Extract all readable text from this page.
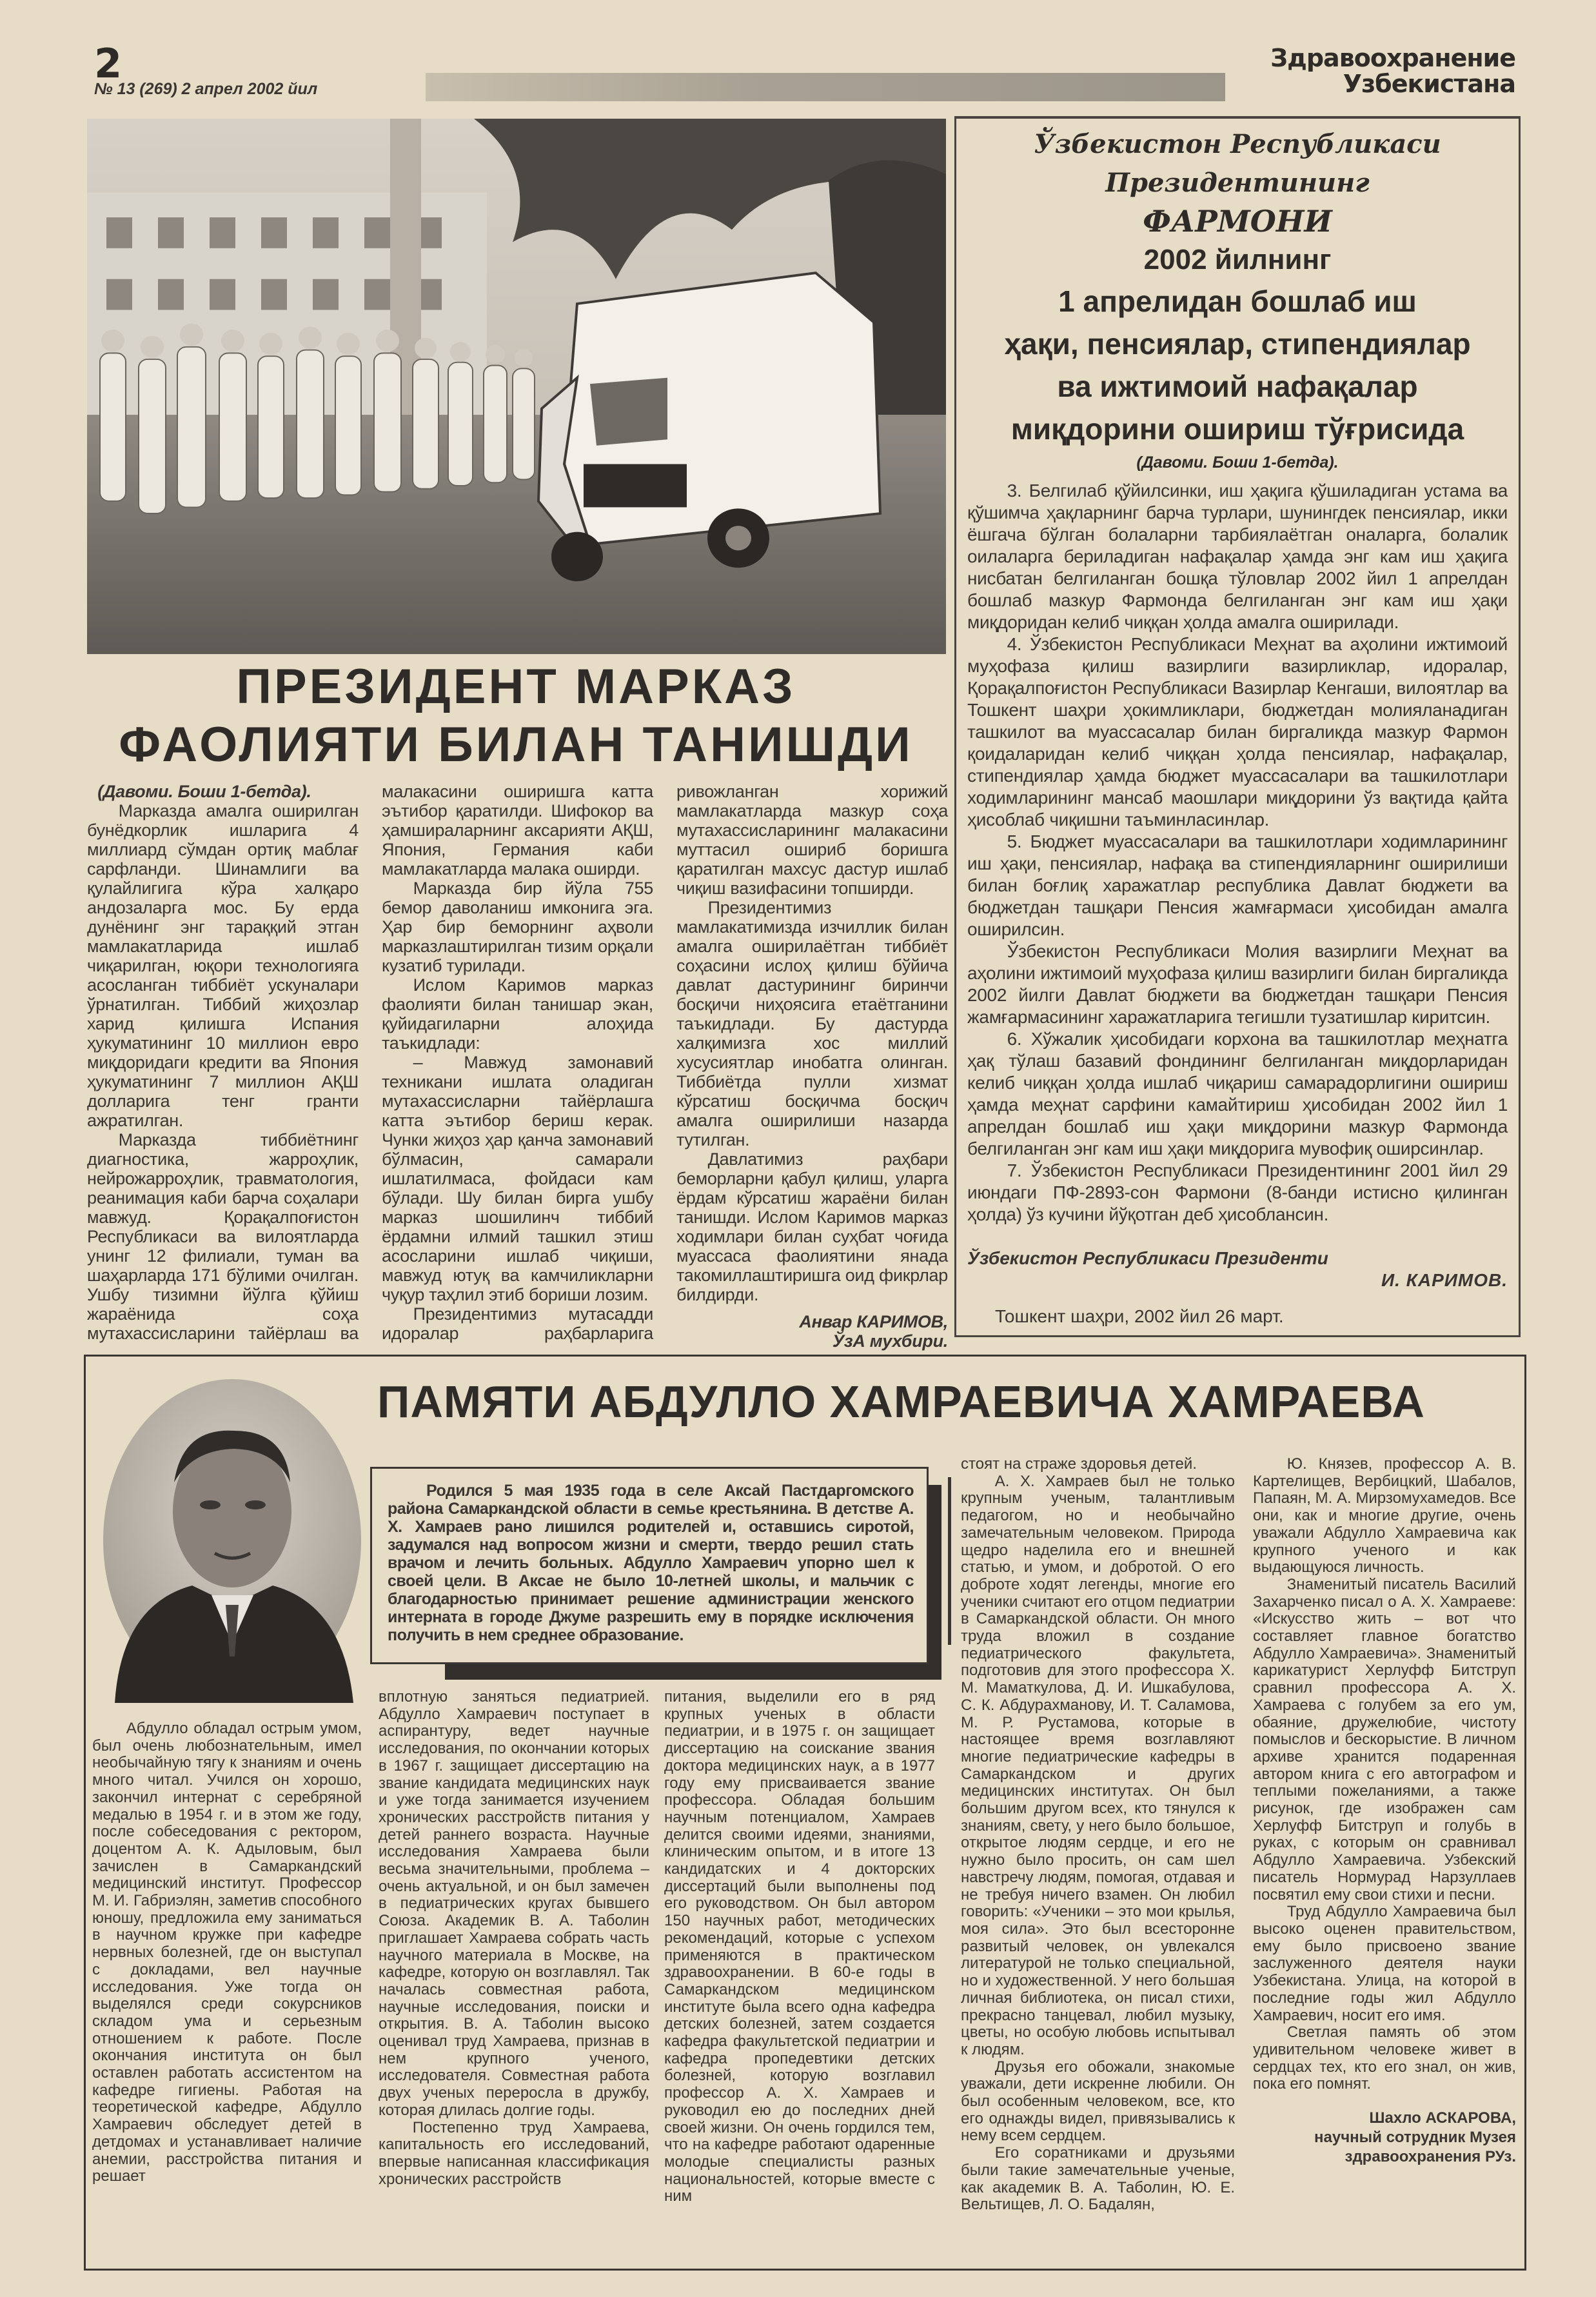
2
№ 13 (269) 2 апрел 2002 йил
Здравоохранение
Узбекистана
ПРЕЗИДЕНТ МАРКАЗ
ФАОЛИЯТИ БИЛАН ТАНИШДИ

(Давоми. Боши 1-бетда).

Марказда амалга оширилган бунёдкорлик ишларига 4 миллиард сўмдан ортиқ маблағ сарфланди. Шинамлиги ва қулайлигига кўра халқаро андозаларга мос. Бу ерда дунёнинг энг тараққий этган мамлакатларида ишлаб чиқарилган, юқори технологияга асосланган тиббиёт ускуналари ўрнатилган. Тиббий жиҳозлар харид қилишга Испания ҳукуматининг 10 миллион евро миқдоридаги кредити ва Япония ҳукуматининг 7 миллион АҚШ долларига тенг гранти ажратилган.

Марказда тиббиётнинг диагностика, жарроҳлик, нейрожарроҳлик, травматология, реанимация каби барча соҳалари мавжуд. Қорақалпоғистон Республикаси ва вилоятларда унинг 12 филиали, туман ва шаҳарларда 171 бўлими очилган. Ушбу тизимни йўлга қўйиш жараёнида соҳа мутахассисларини тайёрлаш ва малакасини оширишга катта эътибор қаратилди. Шифокор ва ҳамшираларнинг аксарияти АҚШ, Япония, Германия каби мамлакатларда малака оширди.

Марказда бир йўла 755 бемор даволаниш имконига эга. Ҳар бир беморнинг аҳволи марказлаштирилган тизим орқали кузатиб турилади.

Ислом Каримов марказ фаолияти билан танишар экан, қуйидагиларни алоҳида таъкидлади:

– Мавжуд замонавий техникани ишлата оладиган мутахассисларни тайёрлашга катта эътибор бериш керак. Чунки жиҳоз ҳар қанча замонавий бўлмасин, самарали ишлатилмаса, фойдаси кам бўлади. Шу билан бирга ушбу марказ шошилинч тиббий ёрдамни илмий ташкил этиш асосларини ишлаб чиқиши, мавжуд ютуқ ва камчиликларни чуқур таҳлил этиб бориши лозим.

Президентимиз мутасадди идоралар раҳбарларига ривожланган хорижий мамлакатларда мазкур соҳа мутахассисларининг малакасини муттасил ошириб боришга қаратилган махсус дастур ишлаб чиқиш вазифасини топширди.

Президентимиз мамлакатимизда изчиллик билан амалга оширилаётган тиббиёт соҳасини ислоҳ қилиш бўйича давлат дастурининг биринчи босқичи ниҳоясига етаётганини таъкидлади. Бу дастурда халқимизга хос миллий хусусиятлар инобатга олинган. Тиббиётда пулли хизмат кўрсатиш босқичма босқич амалга оширилиши назарда тутилган.

Давлатимиз раҳбари беморларни қабул қилиш, уларга ёрдам кўрсатиш жараёни билан танишди. Ислом Каримов марказ ходимлари билан суҳбат чоғида муассаса фаолиятини янада такомиллаштиришга оид фикрлар билдирди.

Анвар КАРИМОВ,

ЎзА мухбири.

Ўзбекистон Республикаси Президентининг
ФАРМОНИ
2002 йилнинг
1 апрелидан бошлаб иш
ҳақи, пенсиялар, стипендиялар
ва ижтимоий нафақалар
миқдорини ошириш тўғрисида
(Давоми. Боши 1-бетда).

3. Белгилаб қўйилсинки, иш ҳақига қўшиладиган устама ва қўшимча ҳақларнинг барча турлари, шунингдек пенсиялар, икки ёшгача бўлган болаларни тарбиялаётган оналарга, болалик оилаларга бериладиган нафақалар ҳамда энг кам иш ҳақига нисбатан белгиланган бошқа тўловлар 2002 йил 1 апрелдан бошлаб мазкур Фармонда белгиланган энг кам иш ҳақи миқдоридан келиб чиққан ҳолда амалга оширилади.

4. Ўзбекистон Республикаси Меҳнат ва аҳолини ижтимоий муҳофаза қилиш вазирлиги вазирликлар, идоралар, Қорақалпоғистон Республикаси Вазирлар Кенгаши, вилоятлар ва Тошкент шаҳри ҳокимликлари, бюджетдан молияланадиган ташкилот ва муассасалар билан биргаликда мазкур Фармон қоидаларидан келиб чиққан ҳолда пенсиялар, нафақалар, стипендиялар ҳамда бюджет муассасалари ва ташкилотлари ходимларининг мансаб маошлари миқдорини ўз вақтида қайта ҳисоблаб чиқишни таъминласинлар.

5. Бюджет муассасалари ва ташкилотлари ходимларининг иш ҳақи, пенсиялар, нафақа ва стипендияларнинг оширилиши билан боғлиқ харажатлар республика Давлат бюджети ва бюджетдан ташқари Пенсия жамғармаси ҳисобидан амалга оширилсин.

Ўзбекистон Республикаси Молия вазирлиги Меҳнат ва аҳолини ижтимоий муҳофаза қилиш вазирлиги билан биргаликда 2002 йилги Давлат бюджети ва бюджетдан ташқари Пенсия жамғармасининг харажатларига тегишли тузатишлар киритсин.

6. Хўжалик ҳисобидаги корхона ва ташкилотлар меҳнатга ҳақ тўлаш базавий фондининг белгиланган миқдорларидан келиб чиққан ҳолда ишлаб чиқариш самарадорлигини ошириш ҳамда меҳнат сарфини камайтириш ҳисобидан 2002 йил 1 апрелдан бошлаб иш ҳақи миқдорини мазкур Фармонда белгиланган энг кам иш ҳақи миқдорига мувофиқ оширсинлар.

7. Ўзбекистон Республикаси Президентининг 2001 йил 29 июндаги ПФ-2893-сон Фармони (8-банди истисно қилинган ҳолда) ўз кучини йўқотган деб ҳисоблансин.

Ўзбекистон Республикаси Президенти
И. КАРИМОВ.
Тошкент шаҳри, 2002 йил 26 март.
ПАМЯТИ АБДУЛЛО ХАМРАЕВИЧА ХАМРАЕВА

Родился 5 мая 1935 года в селе Аксай Пастдаргомского района Самаркандской области в семье крестьянина. В детстве А. Х. Хамраев рано лишился родителей и, оставшись сиротой, задумался над вопросом жизни и смерти, твердо решил стать врачом и лечить больных. Абдулло Хамраевич упорно шел к своей цели. В Аксае не было 10-летней школы, и мальчик с благодарностью принимает решение администрации женского интерната в городе Джуме разрешить ему в порядке исключения получить в нем среднее образование.

Абдулло обладал острым умом, был очень любознательным, имел необычайную тягу к знаниям и очень много читал. Учился он хорошо, закончил интернат с серебряной медалью в 1954 г. и в этом же году, после собеседования с ректором, доцентом А. К. Адыловым, был зачислен в Самаркандский медицинский институт. Профессор М. И. Габриэлян, заметив способного юношу, предложила ему заниматься в научном кружке при кафедре нервных болезней, где он выступал с докладами, вел научные исследования. Уже тогда он выделялся среди сокурсников складом ума и серьезным отношением к работе. После окончания института он был оставлен работать ассистентом на кафедре гигиены. Работая на теоретической кафедре, Абдулло Хамраевич обследует детей в детдомах и устанавливает наличие анемии, расстройства питания и решает

вплотную заняться педиатрией. Абдулло Хамраевич поступает в аспирантуру, ведет научные исследования, по окончании которых в 1967 г. защищает диссертацию на звание кандидата медицинских наук и уже тогда занимается изучением хронических расстройств питания у детей раннего возраста. Научные исследования Хамраева были весьма значительными, проблема – очень актуальной, и он был замечен в педиатрических кругах бывшего Союза. Академик В. А. Таболин приглашает Хамраева собрать часть научного материала в Москве, на кафедре, которую он возглавлял. Так началась совместная работа, научные исследования, поиски и открытия. В. А. Таболин высоко оценивал труд Хамраева, признав в нем крупного ученого, исследователя. Совместная работа двух ученых переросла в дружбу, которая длилась долгие годы.

Постепенно труд Хамраева, капитальность его исследований, впервые написанная классификация хронических расстройств

питания, выделили его в ряд крупных ученых в области педиатрии, и в 1975 г. он защищает диссертацию на соискание звания доктора медицинских наук, а в 1977 году ему присваивается звание профессора. Обладая большим научным потенциалом, Хамраев делится своими идеями, знаниями, клиническим опытом, и в итоге 13 кандидатских и 4 докторских диссертаций были выполнены под его руководством. Он был автором 150 научных работ, методических рекомендаций, которые с успехом применяются в практическом здравоохранении. В 60-е годы в Самаркандском медицинском институте была всего одна кафедра детских болезней, затем создается кафедра факультетской педиатрии и кафедра пропедевтики детских болезней, которую возглавил профессор А. Х. Хамраев и руководил ею до последних дней своей жизни. Он очень гордился тем, что на кафедре работают одаренные молодые специалисты разных национальностей, которые вместе с ним

стоят на страже здоровья детей.

А. Х. Хамраев был не только крупным ученым, талантливым педагогом, но и необычайно замечательным человеком. Природа щедро наделила его и внешней статью, и умом, и добротой. О его доброте ходят легенды, многие его ученики считают его отцом педиатрии в Самаркандской области. Он много труда вложил в создание педиатрического факультета, подготовив для этого профессора Х. М. Маматкулова, Д. И. Ишкабулова, С. К. Абдурахманову, И. Т. Саламова, М. Р. Рустамова, которые в настоящее время возглавляют многие педиатрические кафедры в Самаркандском и других медицинских институтах. Он был большим другом всех, кто тянулся к знаниям, свету, у него было большое, открытое людям сердце, и его не нужно было просить, он сам шел навстречу людям, помогая, отдавая и не требуя ничего взамен. Он любил говорить: «Ученики – это мои крылья, моя сила». Это был всесторонне развитый человек, он увлекался литературой не только специальной, но и художественной. У него большая личная библиотека, он писал стихи, прекрасно танцевал, любил музыку, цветы, но особую любовь испытывал к людям.

Друзья его обожали, знакомые уважали, дети искренне любили. Он был особенным человеком, все, кто его однажды видел, привязывались к нему всем сердцем.

Его соратниками и друзьями были такие замечательные ученые, как академик В. А. Таболин, Ю. Е. Вельтищев, Л. О. Бадалян,

Ю. Князев, профессор А. В. Картелищев, Вербицкий, Шабалов, Папаян, М. А. Мирзомухамедов. Все они, как и многие другие, очень уважали Абдулло Хамраевича как крупного ученого и как выдающуюся личность.

Знаменитый писатель Василий Захарченко писал о А. Х. Хамраеве: «Искусство жить – вот что составляет главное богатство Абдулло Хамраевича». Знаменитый карикатурист Херлуфф Битструп сравнил профессора А. Х. Хамраева с голубем за его ум, обаяние, дружелюбие, чистоту помыслов и бескорыстие. В личном архиве хранится подаренная автором книга с его автографом и теплыми пожеланиями, а также рисунок, где изображен сам Херлуфф Битструп и голубь в руках, с которым он сравнивал Абдулло Хамраевича. Узбекский писатель Нормурад Нарзуллаев посвятил ему свои стихи и песни.

Труд Абдулло Хамраевича был высоко оценен правительством, ему было присвоено звание заслуженного деятеля науки Узбекистана. Улица, на которой в последние годы жил Абдулло Хамраевич, носит его имя.

Светлая память об этом удивительном человеке живет в сердцах тех, кто его знал, он жив, пока его помнят.

Шахло АСКАРОВА,
научный сотрудник Музея
здравоохранения РУз.
